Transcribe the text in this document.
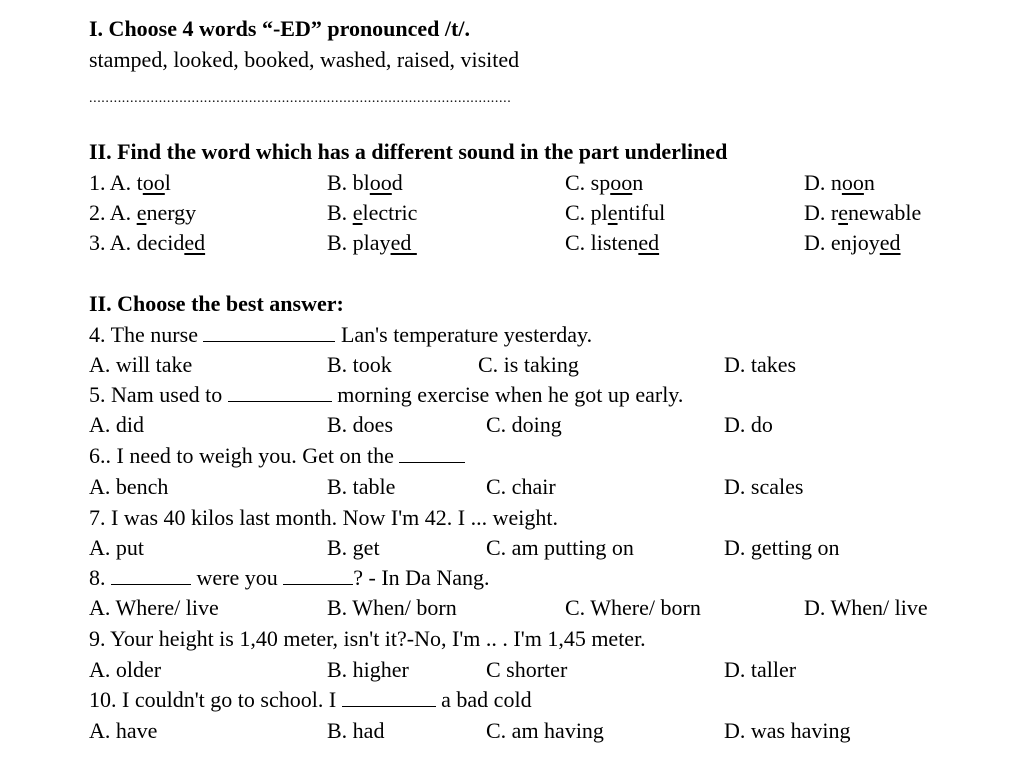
I. Choose 4 words “-ED” pronounced /t/.
stamped, looked, booked, washed, raised, visited
.......................................................................................................
II. Find the word which has a different sound in the part underlined
1. A. tool	B. blood	C. spoon	D. noon
2. A. energy	B. electric	C. plentiful	D. renewable
3. A. decided	B. played	C. listened	D. enjoyed
II. Choose the best answer:
4. The nurse	Lan's temperature yesterday.
A. will take	B. took	C. is taking	D. takes
5. Nam used to	morning exercise when he got up early.
A. did	B. does	C. doing	D. do
6.. I need to weigh you. Get on the
A. bench	B. table	C. chair	D. scales
7. I was 40 kilos last month. Now I'm 42. I ... weight.
A. put	B. get	C. am putting on	D. getting on
8.	were you	? - In Da Nang.
A. Where/ live	B. When/ born	C. Where/ born	D. When/ live
9. Your height is 1,40 meter, isn't it?-No, I'm .. . I'm 1,45 meter.
A. older	B. higher	C shorter	D. taller
10. I couldn't go to school. I	a bad cold
A. have	B. had	C. am having	D. was having
